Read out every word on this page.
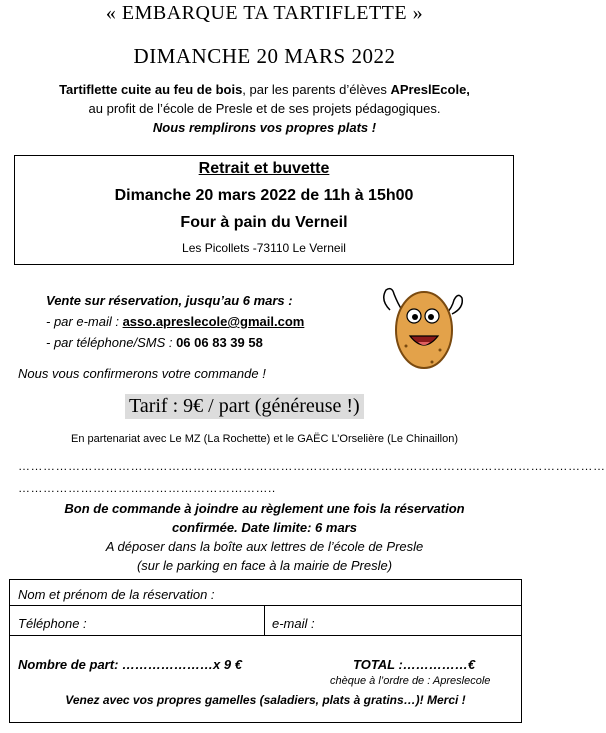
« EMBARQUE TA TARTIFLETTE »
DIMANCHE 20 MARS 2022
Tartiflette cuite au feu de bois, par les parents d’élèves APreslEcole,
au profit de l’école de Presle et de ses projets pédagogiques.
Nous remplirons vos propres plats !
Retrait et buvette
Dimanche 20 mars 2022 de 11h à 15h00
Four à pain du Verneil
Les Picollets -73110 Le Verneil
Vente sur réservation, jusqu’au 6 mars :
- par e-mail : asso.apreslecole@gmail.com
- par téléphone/SMS : 06 06 83 39 58
Nous vous confirmerons votre commande !
Tarif : 9€ / part (généreuse !)
En partenariat avec Le MZ (La Rochette) et le GAËC L’Orselière (Le Chinaillon)
……………………………………………………………………………………………………………………………
……………………………………………………..
Bon de commande à joindre au règlement une fois la réservation
confirmée. Date limite: 6 mars
A déposer dans la boîte aux lettres de l’école de Presle
(sur le parking en face à la mairie de Presle)
Nom et prénom de la réservation :
Téléphone :	e-mail :
Nombre de part: …………………x 9 €	TOTAL :……………€
chèque à l’ordre de : Apreslecole
Venez avec vos propres gamelles (saladiers, plats à gratins…)! Merci !
